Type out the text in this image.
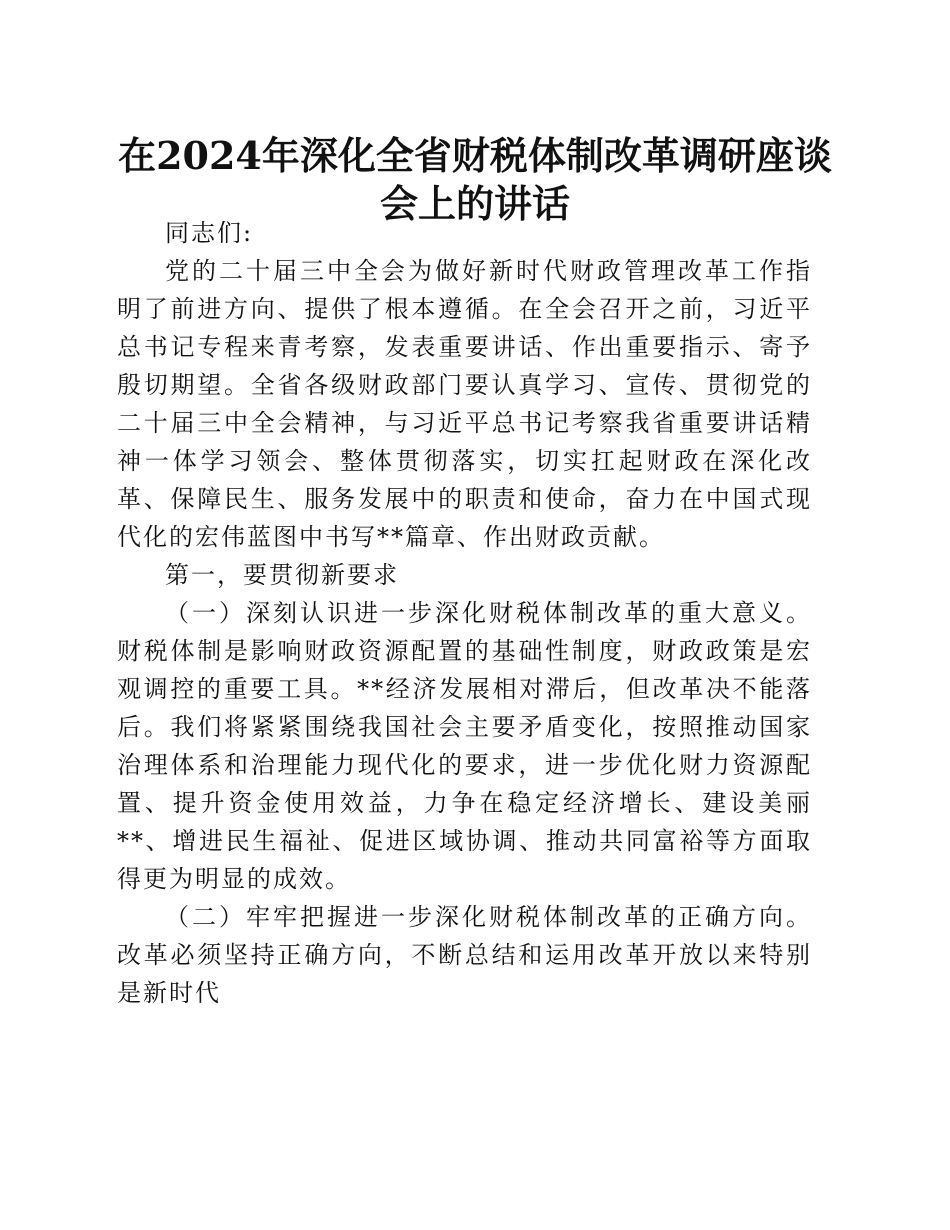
在2024年深化全省财税体制改革调研座谈会上的讲话

同志们:

党的二十届三中全会为做好新时代财政管理改革工作指明了前进方向、提供了根本遵循。在全会召开之前，习近平总书记专程来青考察，发表重要讲话、作出重要指示、寄予殷切期望。全省各级财政部门要认真学习、宣传、贯彻党的二十届三中全会精神，与习近平总书记考察我省重要讲话精神一体学习领会、整体贯彻落实，切实扛起财政在深化改革、保障民生、服务发展中的职责和使命，奋力在中国式现代化的宏伟蓝图中书写**篇章、作出财政贡献。

第一，要贯彻新要求

（一）深刻认识进一步深化财税体制改革的重大意义。财税体制是影响财政资源配置的基础性制度，财政政策是宏观调控的重要工具。**经济发展相对滞后，但改革决不能落后。我们将紧紧围绕我国社会主要矛盾变化，按照推动国家治理体系和治理能力现代化的要求，进一步优化财力资源配置、提升资金使用效益，力争在稳定经济增长、建设美丽**、增进民生福祉、促进区域协调、推动共同富裕等方面取得更为明显的成效。

（二）牢牢把握进一步深化财税体制改革的正确方向。改革必须坚持正确方向，不断总结和运用改革开放以来特别是新时代
